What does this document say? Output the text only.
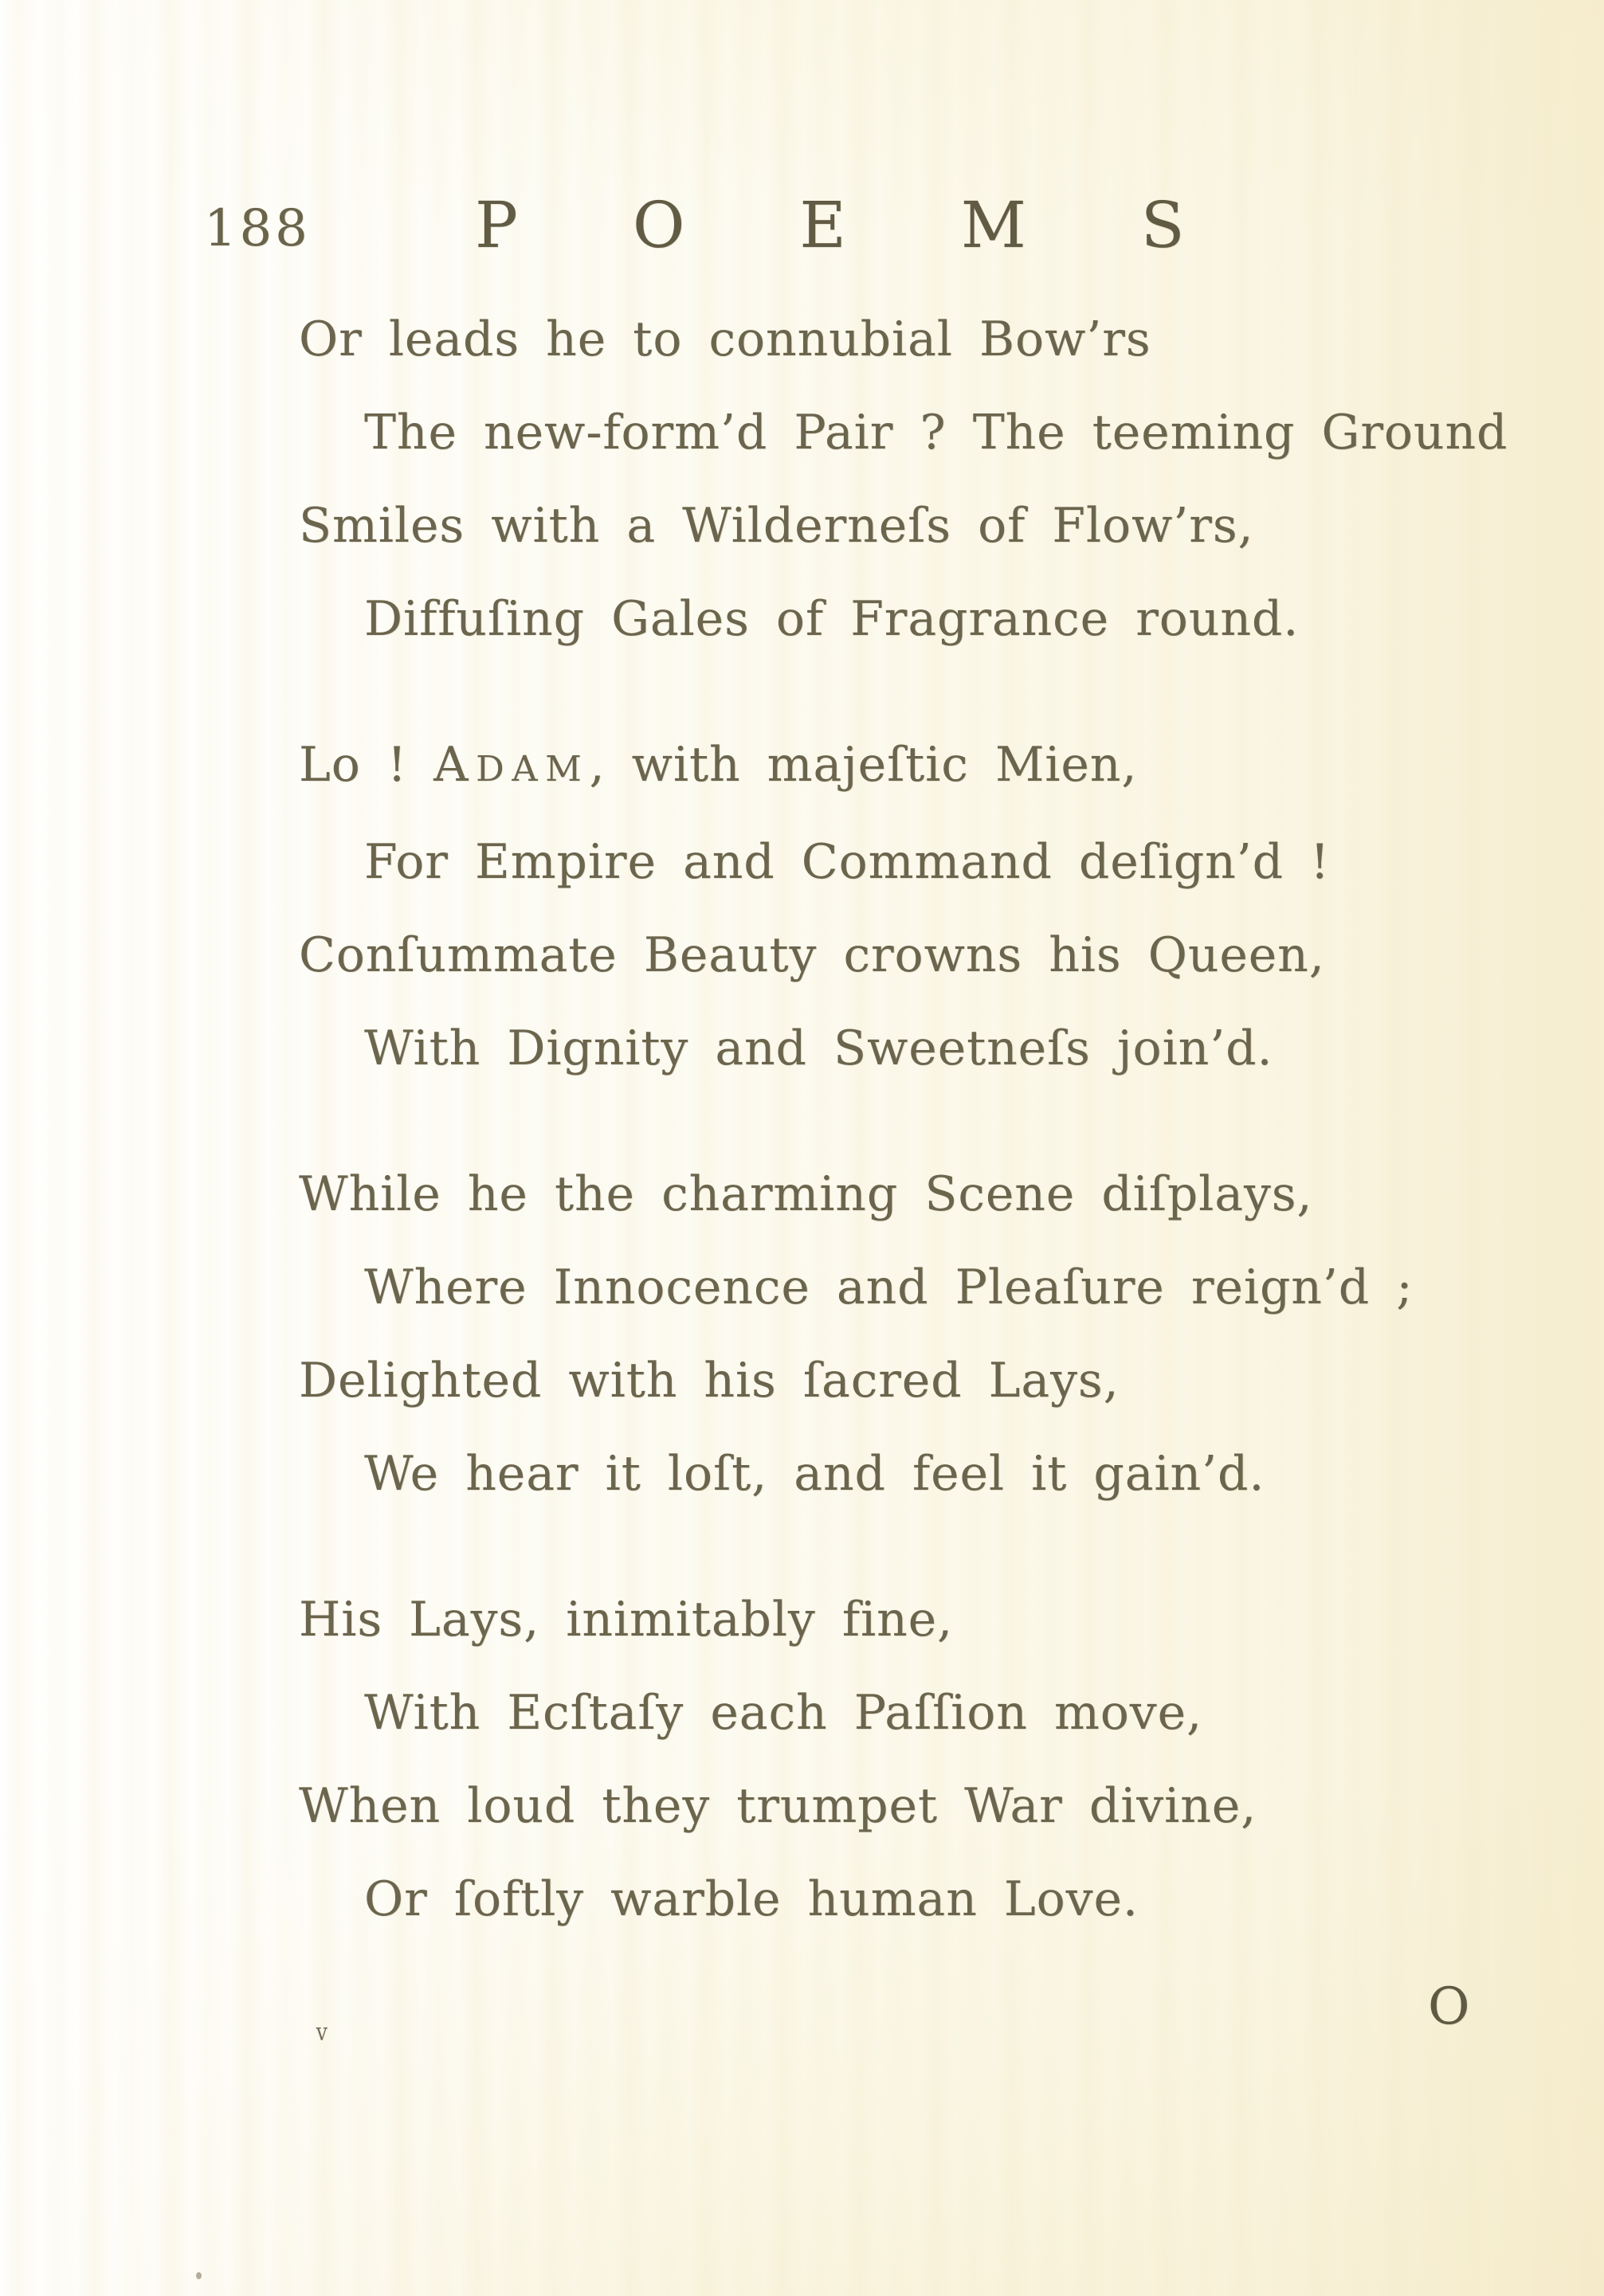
188	POEMS
Or leads he to connubial Bow’rs
The new-form’d Pair ? The teeming Ground
Smiles with a Wilderneſs of Flow’rs,
Diffuſing Gales of Fragrance round.
Lo ! ADAM, with majeſtic Mien,
For Empire and Command deſign’d !
Conſummate Beauty crowns his Queen,
With Dignity and Sweetneſs join’d.
While he the charming Scene diſplays,
Where Innocence and Pleaſure reign’d ;
Delighted with his ſacred Lays,
We hear it loſt, and feel it gain’d.
His Lays, inimitably fine,
With Ecſtaſy each Paſſion move,
When loud they trumpet War divine,
Or ſoftly warble human Love.
O
v
